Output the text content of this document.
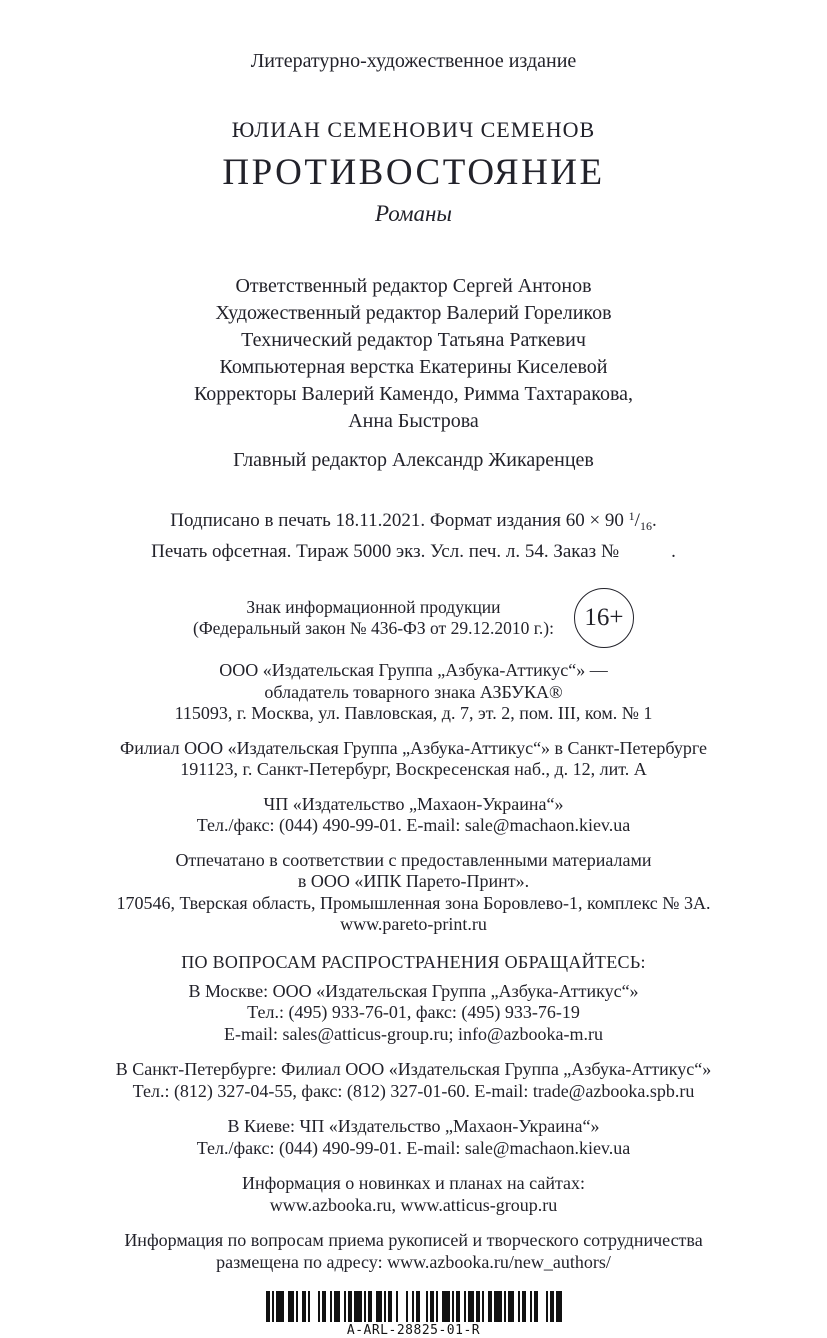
Литературно-художественное издание
ЮЛИАН СЕМЕНОВИЧ СЕМЕНОВ
ПРОТИВОСТОЯНИЕ
Романы
Ответственный редактор Сергей Антонов
Художественный редактор Валерий Гореликов
Технический редактор Татьяна Раткевич
Компьютерная верстка Екатерины Киселевой
Корректоры Валерий Камендо, Римма Тахтаракова,
Анна Быстрова
Главный редактор Александр Жикаренцев
Подписано в печать 18.11.2021. Формат издания 60 × 90 $^1/_{16}$.
Печать офсетная. Тираж 5000 экз. Усл. печ. л. 54. Заказ №	.
Знак информационной продукции
(Федеральный закон № 436-ФЗ от 29.12.2010 г.):	16+

ООО «Издательская Группа „Азбука-Аттикус“» —
обладатель товарного знака АЗБУКА®
115093, г. Москва, ул. Павловская, д. 7, эт. 2, пом. III, ком. № 1

Филиал ООО «Издательская Группа „Азбука-Аттикус“» в Санкт-Петербурге
191123, г. Санкт-Петербург, Воскресенская наб., д. 12, лит. А

ЧП «Издательство „Махаон-Украина“»
Тел./факс: (044) 490-99-01. E-mail: sale@machaon.kiev.ua

Отпечатано в соответствии с предоставленными материалами
в ООО «ИПК Парето-Принт».
170546, Тверская область, Промышленная зона Боровлево-1, комплекс № 3А.
www.pareto-print.ru

ПО ВОПРОСАМ РАСПРОСТРАНЕНИЯ ОБРАЩАЙТЕСЬ:

В Москве: ООО «Издательская Группа „Азбука-Аттикус“»
Тел.: (495) 933-76-01, факс: (495) 933-76-19
E-mail: sales@atticus-group.ru; info@azbooka-m.ru

В Санкт-Петербурге: Филиал ООО «Издательская Группа „Азбука-Аттикус“»
Тел.: (812) 327-04-55, факс: (812) 327-01-60. E-mail: trade@azbooka.spb.ru

В Киеве: ЧП «Издательство „Махаон-Украина“»
Тел./факс: (044) 490-99-01. E-mail: sale@machaon.kiev.ua

Информация о новинках и планах на сайтах:
www.azbooka.ru, www.atticus-group.ru

Информация по вопросам приема рукописей и творческого сотрудничества
размещена по адресу: www.azbooka.ru/new_authors/

A-ARL-28825-01-R
